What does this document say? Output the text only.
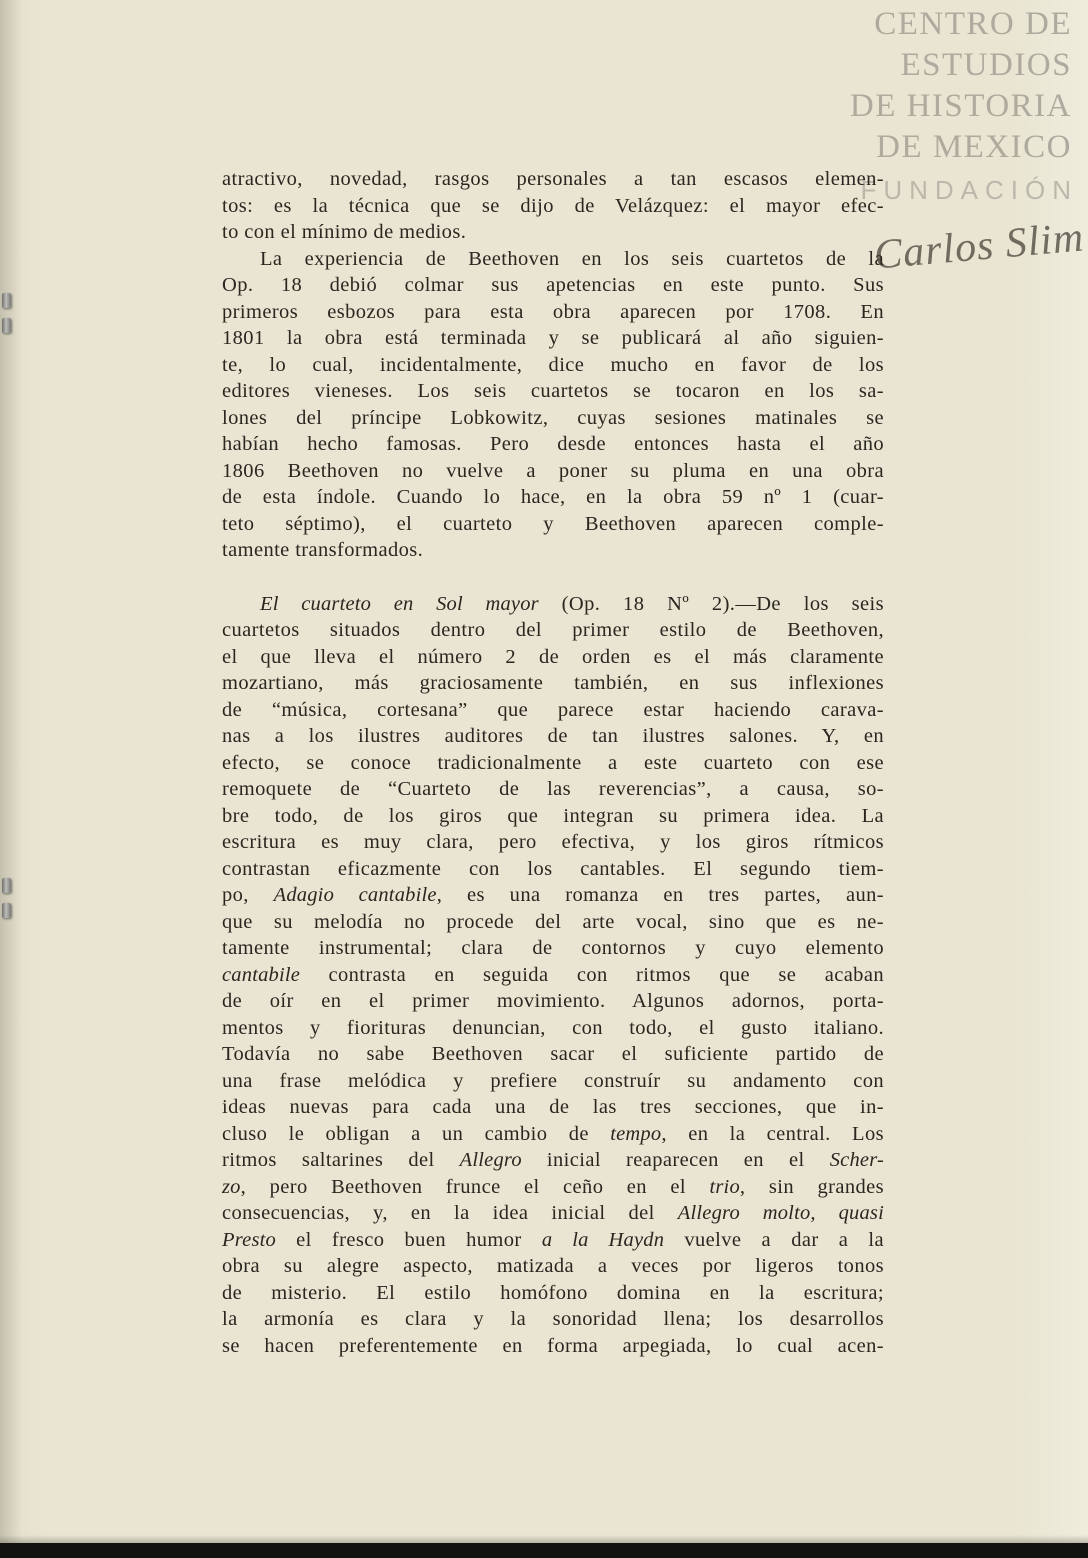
CENTRO DE
ESTUDIOS
DE HISTORIA
DE MEXICO
FUNDACIÓN
Carlos Slim
atractivo, novedad, rasgos personales a tan escasos elemen-
tos: es la técnica que se dijo de Velázquez: el mayor efec-
to con el mínimo de medios.
La experiencia de Beethoven en los seis cuartetos de la
Op. 18 debió colmar sus apetencias en este punto. Sus
primeros esbozos para esta obra aparecen por 1708. En
1801 la obra está terminada y se publicará al año siguien-
te, lo cual, incidentalmente, dice mucho en favor de los
editores vieneses. Los seis cuartetos se tocaron en los sa-
lones del príncipe Lobkowitz, cuyas sesiones matinales se
habían hecho famosas. Pero desde entonces hasta el año
1806 Beethoven no vuelve a poner su pluma en una obra
de esta índole. Cuando lo hace, en la obra 59 nº 1 (cuar-
teto séptimo), el cuarteto y Beethoven aparecen comple-
tamente transformados.
El cuarteto en Sol mayor (Op. 18 Nº 2).—De los seis
cuartetos situados dentro del primer estilo de Beethoven,
el que lleva el número 2 de orden es el más claramente
mozartiano, más graciosamente también, en sus inflexiones
de “música, cortesana” que parece estar haciendo carava-
nas a los ilustres auditores de tan ilustres salones. Y, en
efecto, se conoce tradicionalmente a este cuarteto con ese
remoquete de “Cuarteto de las reverencias”, a causa, so-
bre todo, de los giros que integran su primera idea. La
escritura es muy clara, pero efectiva, y los giros rítmicos
contrastan eficazmente con los cantables. El segundo tiem-
po, Adagio cantabile, es una romanza en tres partes, aun-
que su melodía no procede del arte vocal, sino que es ne-
tamente instrumental; clara de contornos y cuyo elemento
cantabile contrasta en seguida con ritmos que se acaban
de oír en el primer movimiento. Algunos adornos, porta-
mentos y fiorituras denuncian, con todo, el gusto italiano.
Todavía no sabe Beethoven sacar el suficiente partido de
una frase melódica y prefiere construír su andamento con
ideas nuevas para cada una de las tres secciones, que in-
cluso le obligan a un cambio de tempo, en la central. Los
ritmos saltarines del Allegro inicial reaparecen en el Scher-
zo, pero Beethoven frunce el ceño en el trio, sin grandes
consecuencias, y, en la idea inicial del Allegro molto, quasi
Presto el fresco buen humor a la Haydn vuelve a dar a la
obra su alegre aspecto, matizada a veces por ligeros tonos
de misterio. El estilo homófono domina en la escritura;
la armonía es clara y la sonoridad llena; los desarrollos
se hacen preferentemente en forma arpegiada, lo cual acen-
